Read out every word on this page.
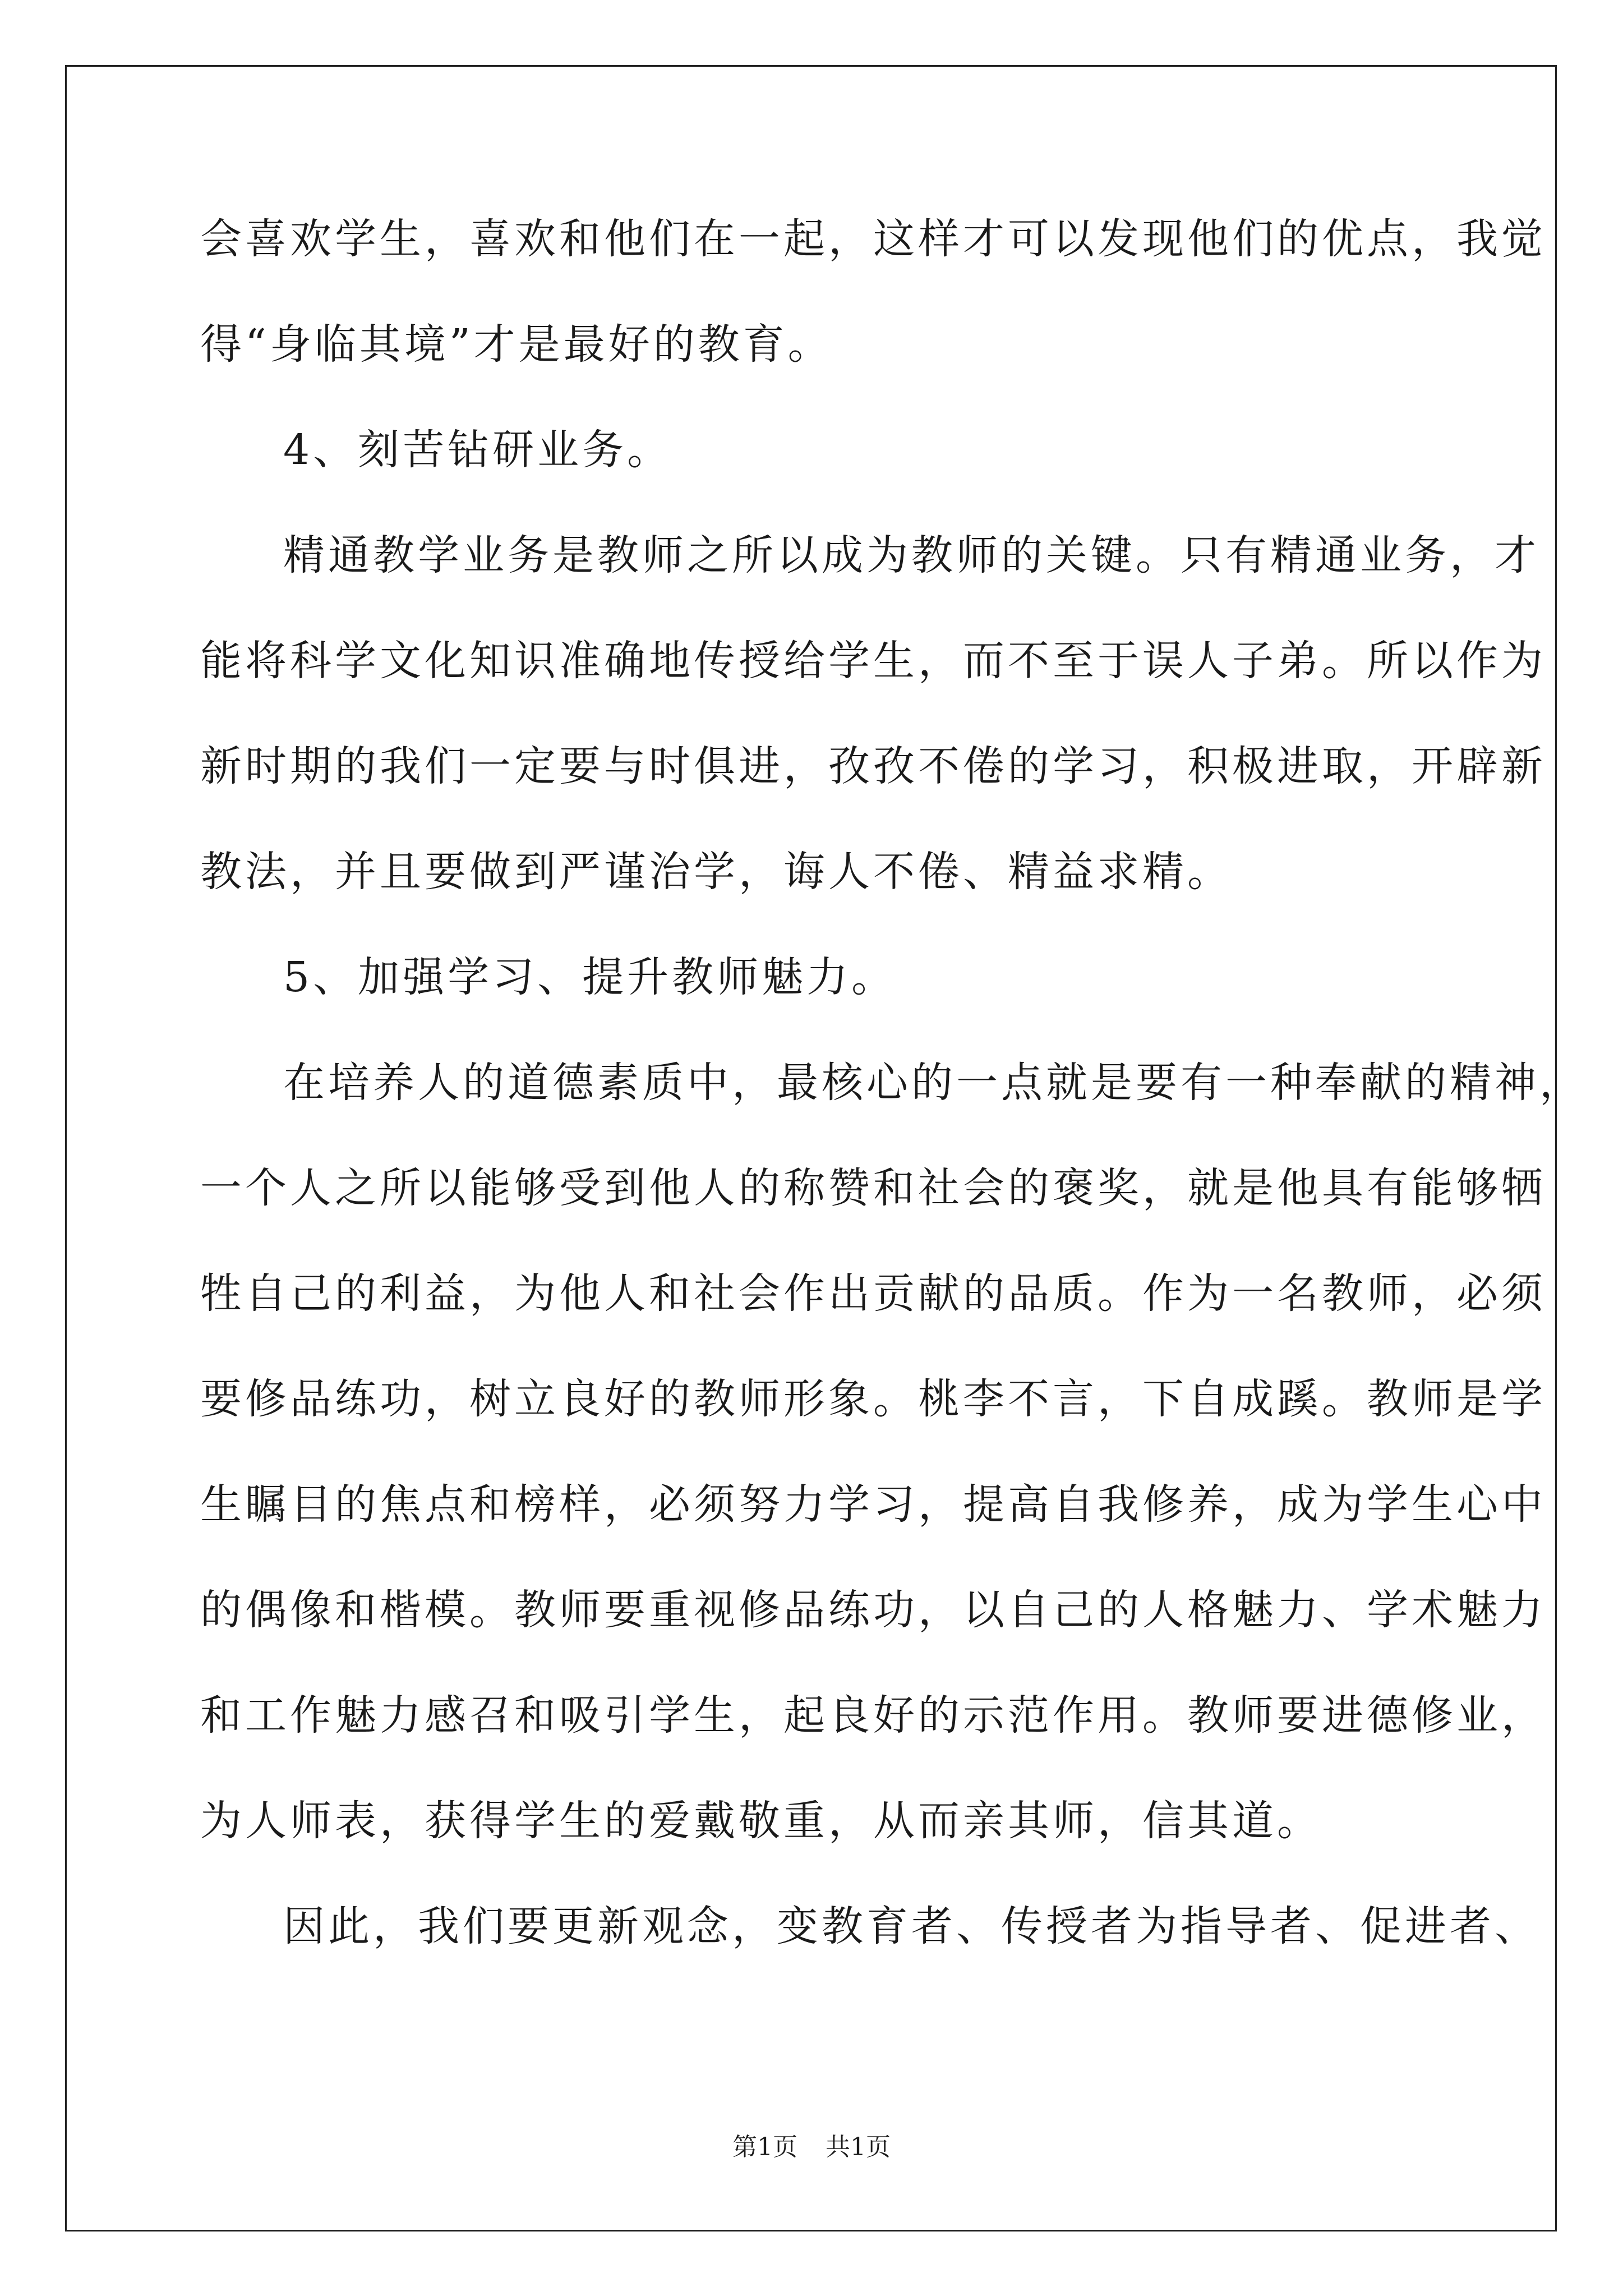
会喜欢学生，喜欢和他们在一起，这样才可以发现他们的优点，我觉
得“身临其境”才是最好的教育。
4、刻苦钻研业务。
精通教学业务是教师之所以成为教师的关键。只有精通业务，才
能将科学文化知识准确地传授给学生，而不至于误人子弟。所以作为
新时期的我们一定要与时俱进，孜孜不倦的学习，积极进取，开辟新
教法，并且要做到严谨治学，诲人不倦、精益求精。
5、加强学习、提升教师魅力。
在培养人的道德素质中，最核心的一点就是要有一种奉献的精神，
一个人之所以能够受到他人的称赞和社会的褒奖，就是他具有能够牺
牲自己的利益，为他人和社会作出贡献的品质。作为一名教师，必须
要修品练功，树立良好的教师形象。桃李不言，下自成蹊。教师是学
生瞩目的焦点和榜样，必须努力学习，提高自我修养，成为学生心中
的偶像和楷模。教师要重视修品练功，以自己的人格魅力、学术魅力
和工作魅力感召和吸引学生，起良好的示范作用。教师要进德修业，
为人师表，获得学生的爱戴敬重，从而亲其师，信其道。
因此，我们要更新观念，变教育者、传授者为指导者、促进者、
第1页 共1页
